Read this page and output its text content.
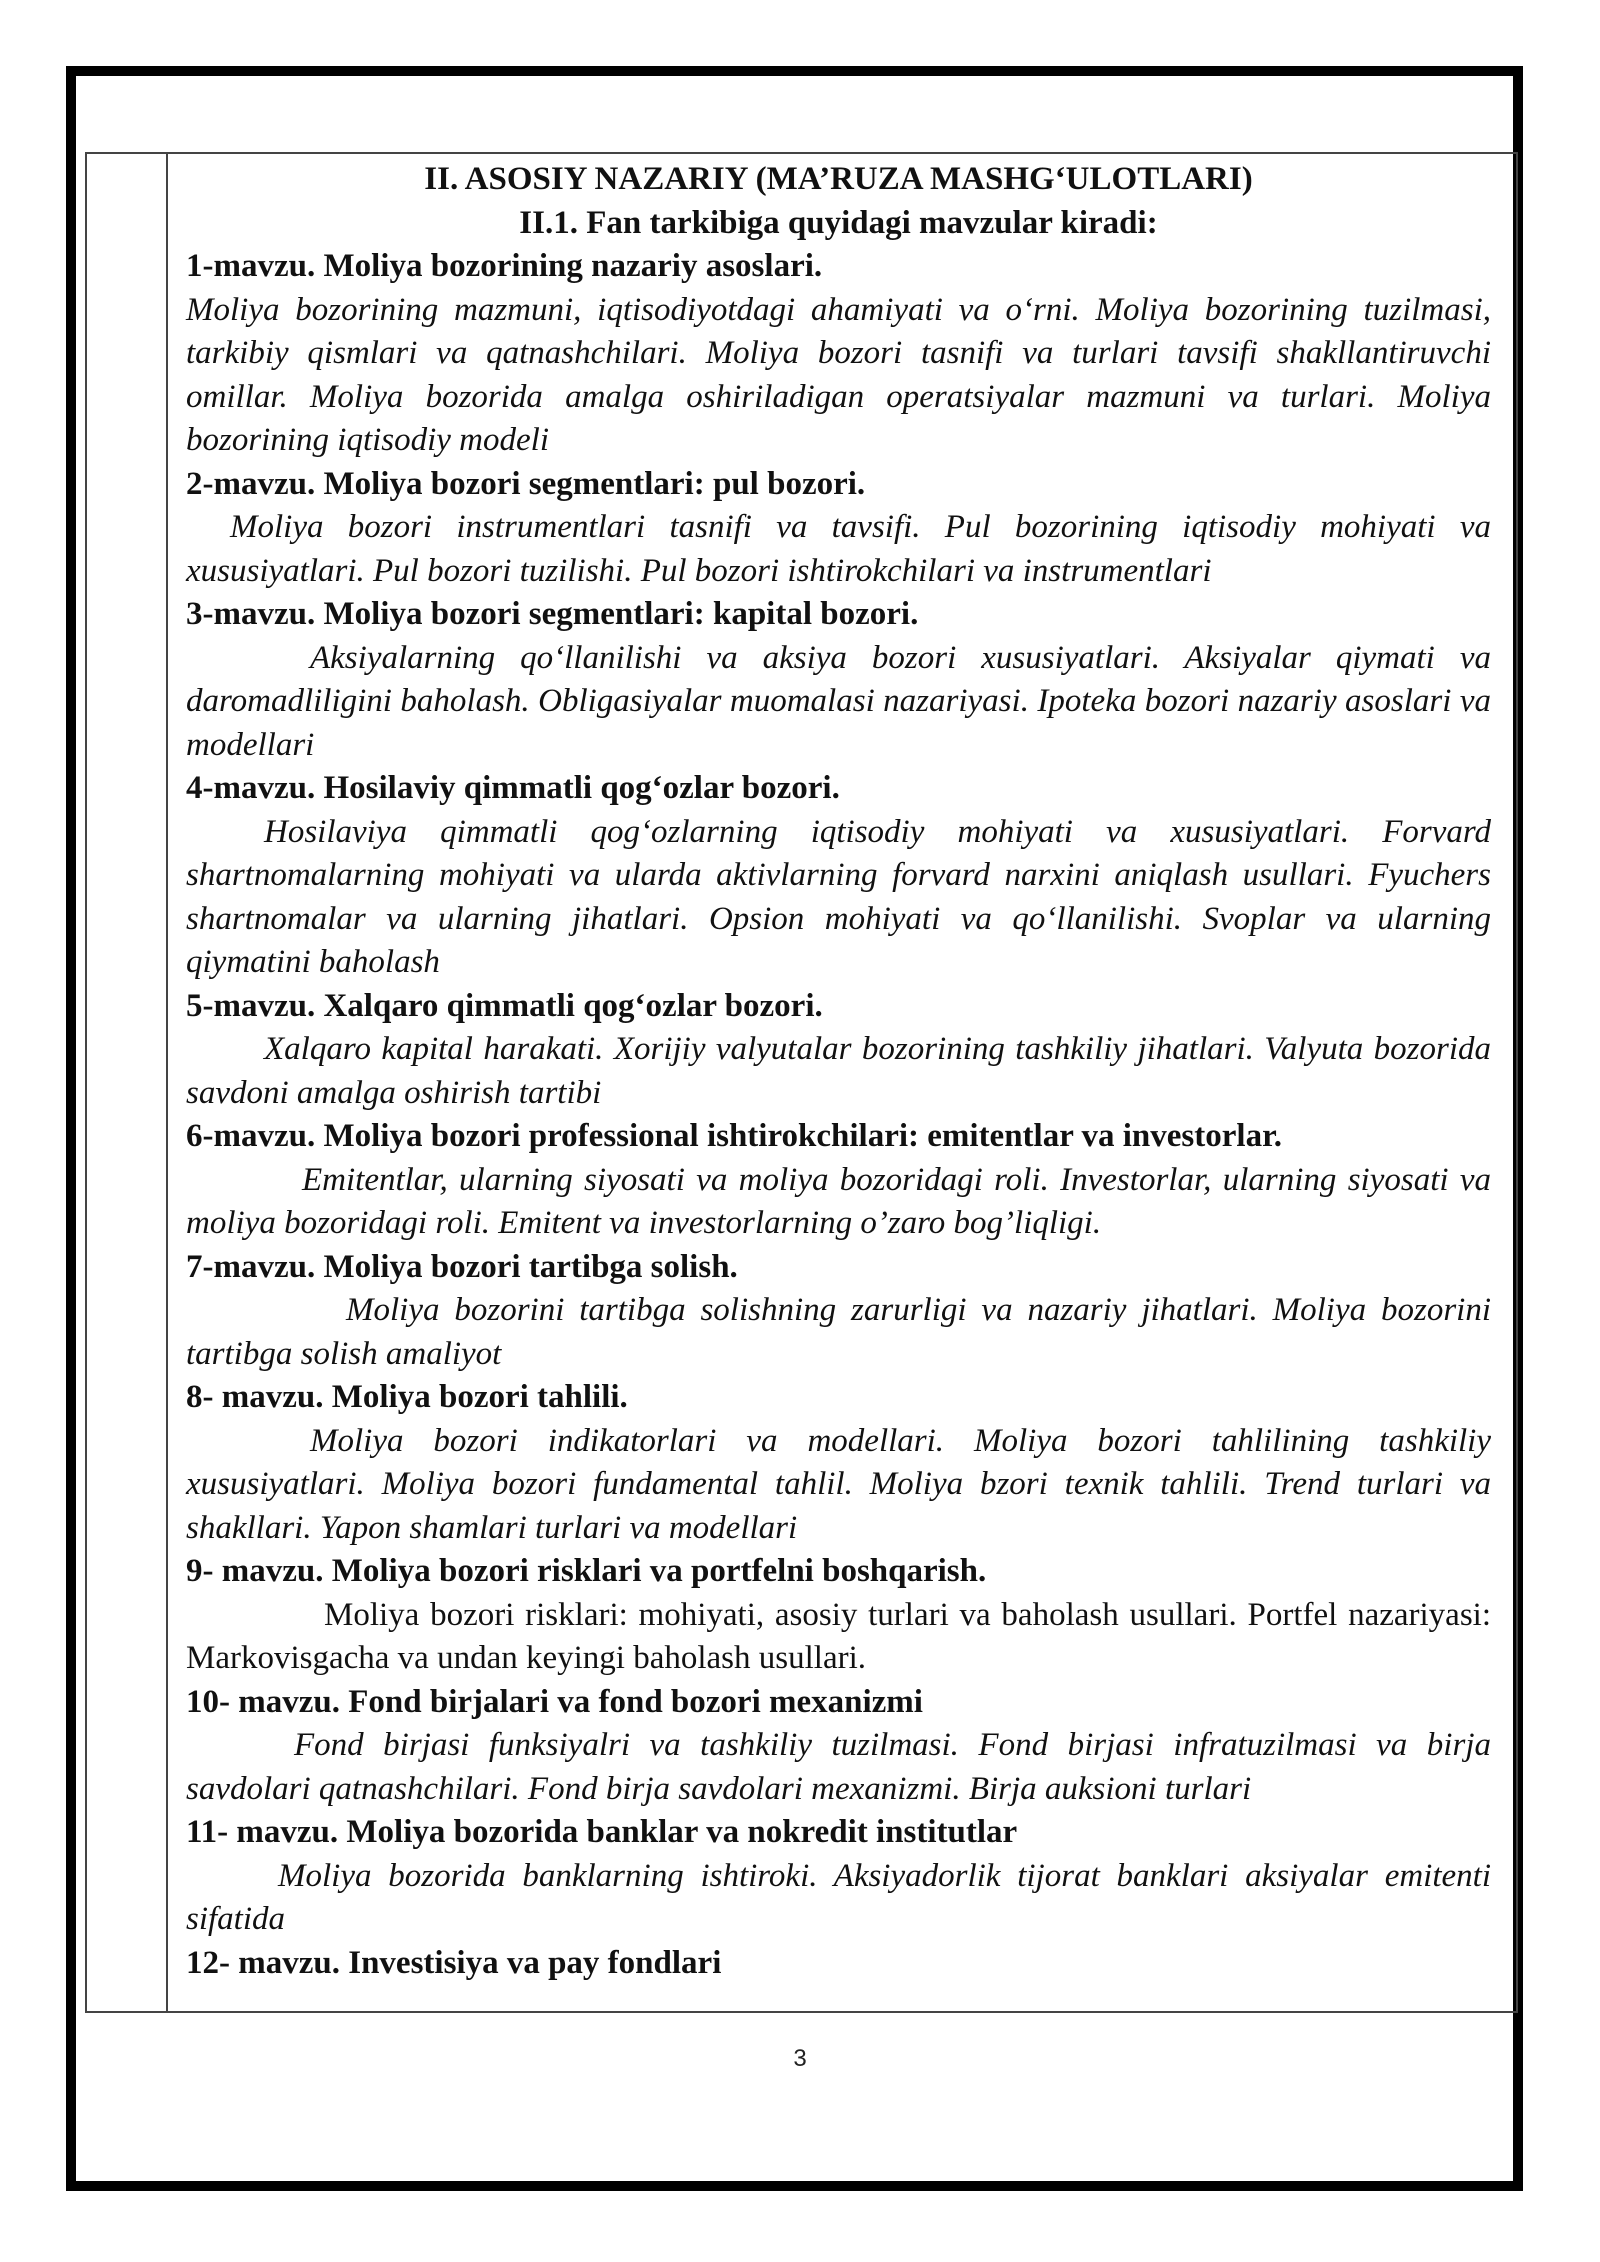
II. ASOSIY NAZARIY (MA’RUZA MASHG‘ULOTLARI)

II.1. Fan tarkibiga quyidagi mavzular kiradi:

1-mavzu. Moliya bozorining nazariy asoslari.

Moliya bozorining mazmuni, iqtisodiyotdagi ahamiyati va o‘rni. Moliya bozorining tuzilmasi, tarkibiy qismlari va qatnashchilari. Moliya bozori tasnifi va turlari tavsifi shakllantiruvchi omillar. Moliya bozorida amalga oshiriladigan operatsiyalar mazmuni va turlari. Moliya bozorining iqtisodiy modeli

2-mavzu. Moliya bozori segmentlari: pul bozori.

Moliya bozori instrumentlari tasnifi va tavsifi. Pul bozorining iqtisodiy mohiyati va xususiyatlari. Pul bozori tuzilishi. Pul bozori ishtirokchilari va instrumentlari

3-mavzu. Moliya bozori segmentlari: kapital bozori.

Aksiyalarning qo‘llanilishi va aksiya bozori xususiyatlari. Aksiyalar qiymati va daromadliligini baholash. Obligasiyalar muomalasi nazariyasi. Ipoteka bozori nazariy asoslari va modellari

4-mavzu. Hosilaviy qimmatli qog‘ozlar bozori.

Hosilaviya qimmatli qog‘ozlarning iqtisodiy mohiyati va xususiyatlari. Forvard shartnomalarning mohiyati va ularda aktivlarning forvard narxini aniqlash usullari. Fyuchers shartnomalar va ularning jihatlari. Opsion mohiyati va qo‘llanilishi. Svoplar va ularning qiymatini baholash

5-mavzu. Xalqaro qimmatli qog‘ozlar bozori.

Xalqaro kapital harakati. Xorijiy valyutalar bozorining tashkiliy jihatlari. Valyuta bozorida savdoni amalga oshirish tartibi

6-mavzu. Moliya bozori professional ishtirokchilari: emitentlar va investorlar.

Emitentlar, ularning siyosati va moliya bozoridagi roli. Investorlar, ularning siyosati va moliya bozoridagi roli. Emitent va investorlarning o’zaro bog’liqligi.

7-mavzu. Moliya bozori tartibga solish.

Moliya bozorini tartibga solishning zarurligi va nazariy jihatlari. Moliya bozorini tartibga solish amaliyot

8- mavzu. Moliya bozori tahlili.

Moliya bozori indikatorlari va modellari. Moliya bozori tahlilining tashkiliy xususiyatlari. Moliya bozori fundamental tahlil. Moliya bzori texnik tahlili. Trend turlari va shakllari. Yapon shamlari turlari va modellari

9- mavzu. Moliya bozori risklari va portfelni boshqarish.

Moliya bozori risklari: mohiyati, asosiy turlari va baholash usullari. Portfel nazariyasi: Markovisgacha va undan keyingi baholash usullari.

10- mavzu. Fond birjalari va fond bozori mexanizmi

Fond birjasi funksiyalri va tashkiliy tuzilmasi. Fond birjasi infratuzilmasi va birja savdolari qatnashchilari. Fond birja savdolari mexanizmi. Birja auksioni turlari

11- mavzu. Moliya bozorida banklar va nokredit institutlar

Moliya bozorida banklarning ishtiroki. Aksiyadorlik tijorat banklari aksiyalar emitenti sifatida

12- mavzu. Investisiya va pay fondlari

3
